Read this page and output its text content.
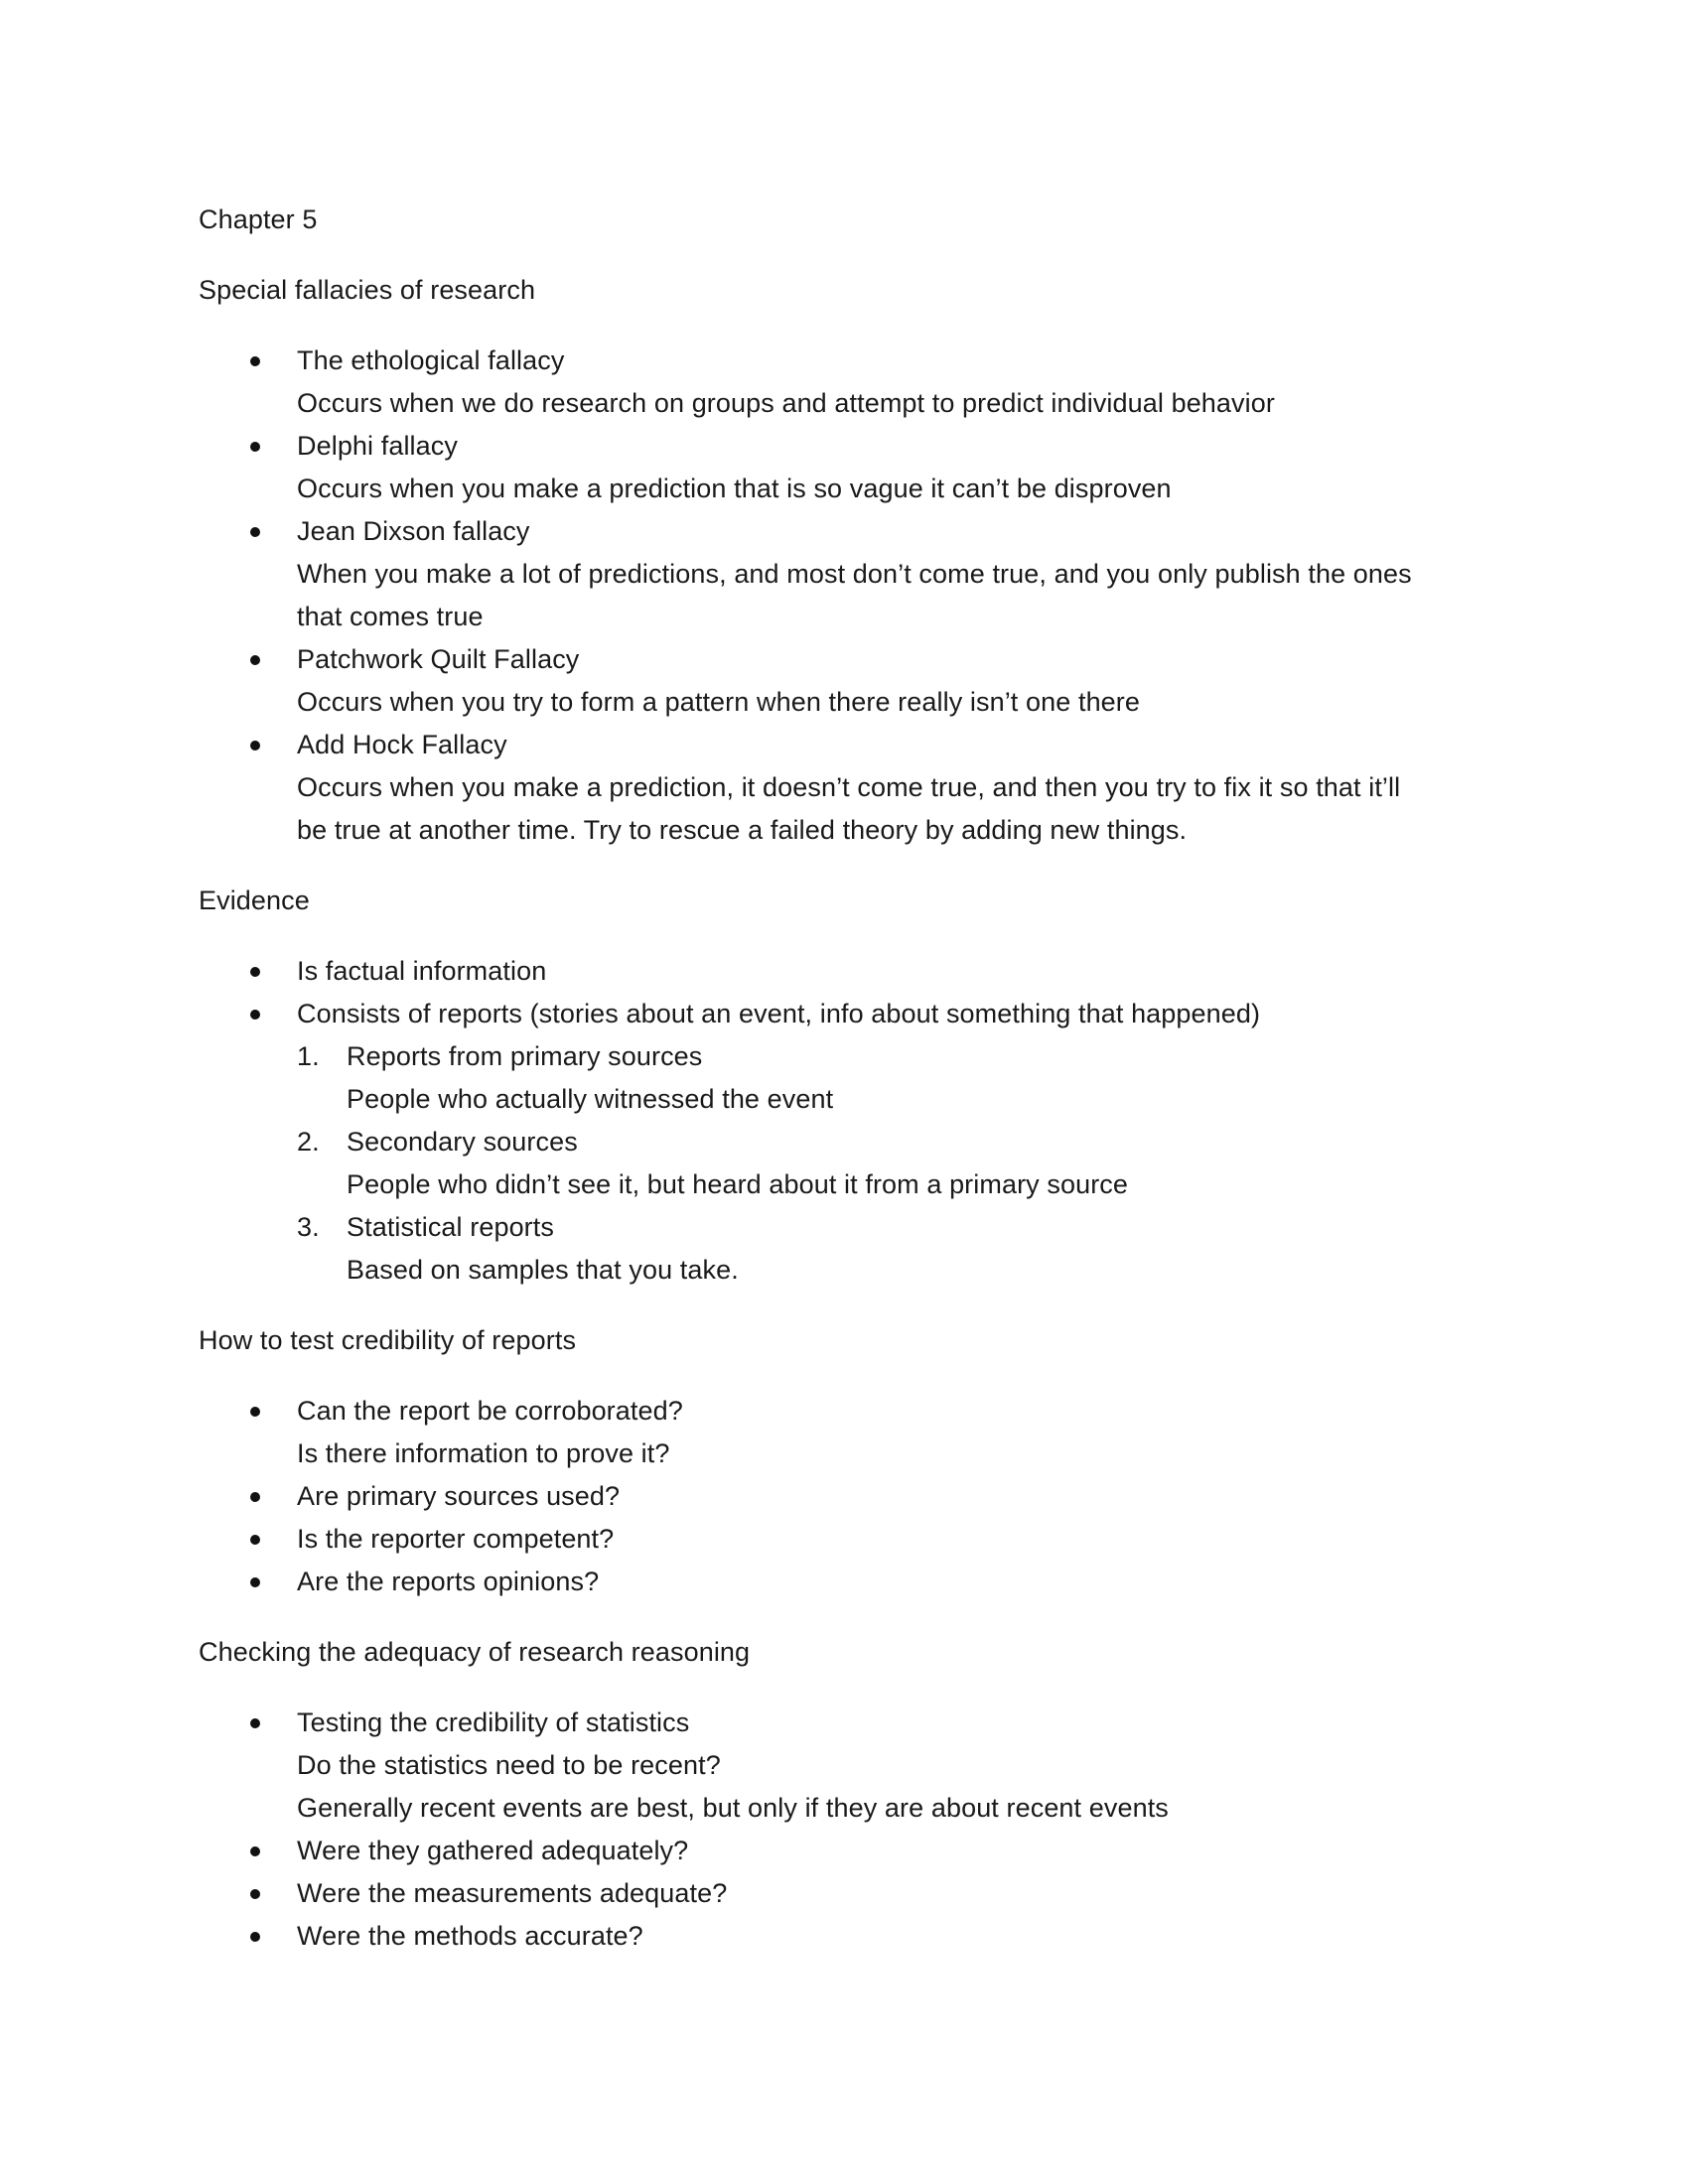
Chapter 5

Special fallacies of research

The ethological fallacy
Occurs when we do research on groups and attempt to predict individual behavior
Delphi fallacy
Occurs when you make a prediction that is so vague it can’t be disproven
Jean Dixson fallacy
When you make a lot of predictions, and most don’t come true, and you only publish the ones
that comes true
Patchwork Quilt Fallacy
Occurs when you try to form a pattern when there really isn’t one there
Add Hock Fallacy
Occurs when you make a prediction, it doesn’t come true, and then you try to fix it so that it’ll
be true at another time. Try to rescue a failed theory by adding new things.

Evidence

Is factual information
Consists of reports (stories about an event, info about something that happened)
1. Reports from primary sources
People who actually witnessed the event
2. Secondary sources
People who didn’t see it, but heard about it from a primary source
3. Statistical reports
Based on samples that you take.

How to test credibility of reports

Can the report be corroborated?
Is there information to prove it?
Are primary sources used?
Is the reporter competent?
Are the reports opinions?

Checking the adequacy of research reasoning

Testing the credibility of statistics
Do the statistics need to be recent?
Generally recent events are best, but only if they are about recent events
Were they gathered adequately?
Were the measurements adequate?
Were the methods accurate?
